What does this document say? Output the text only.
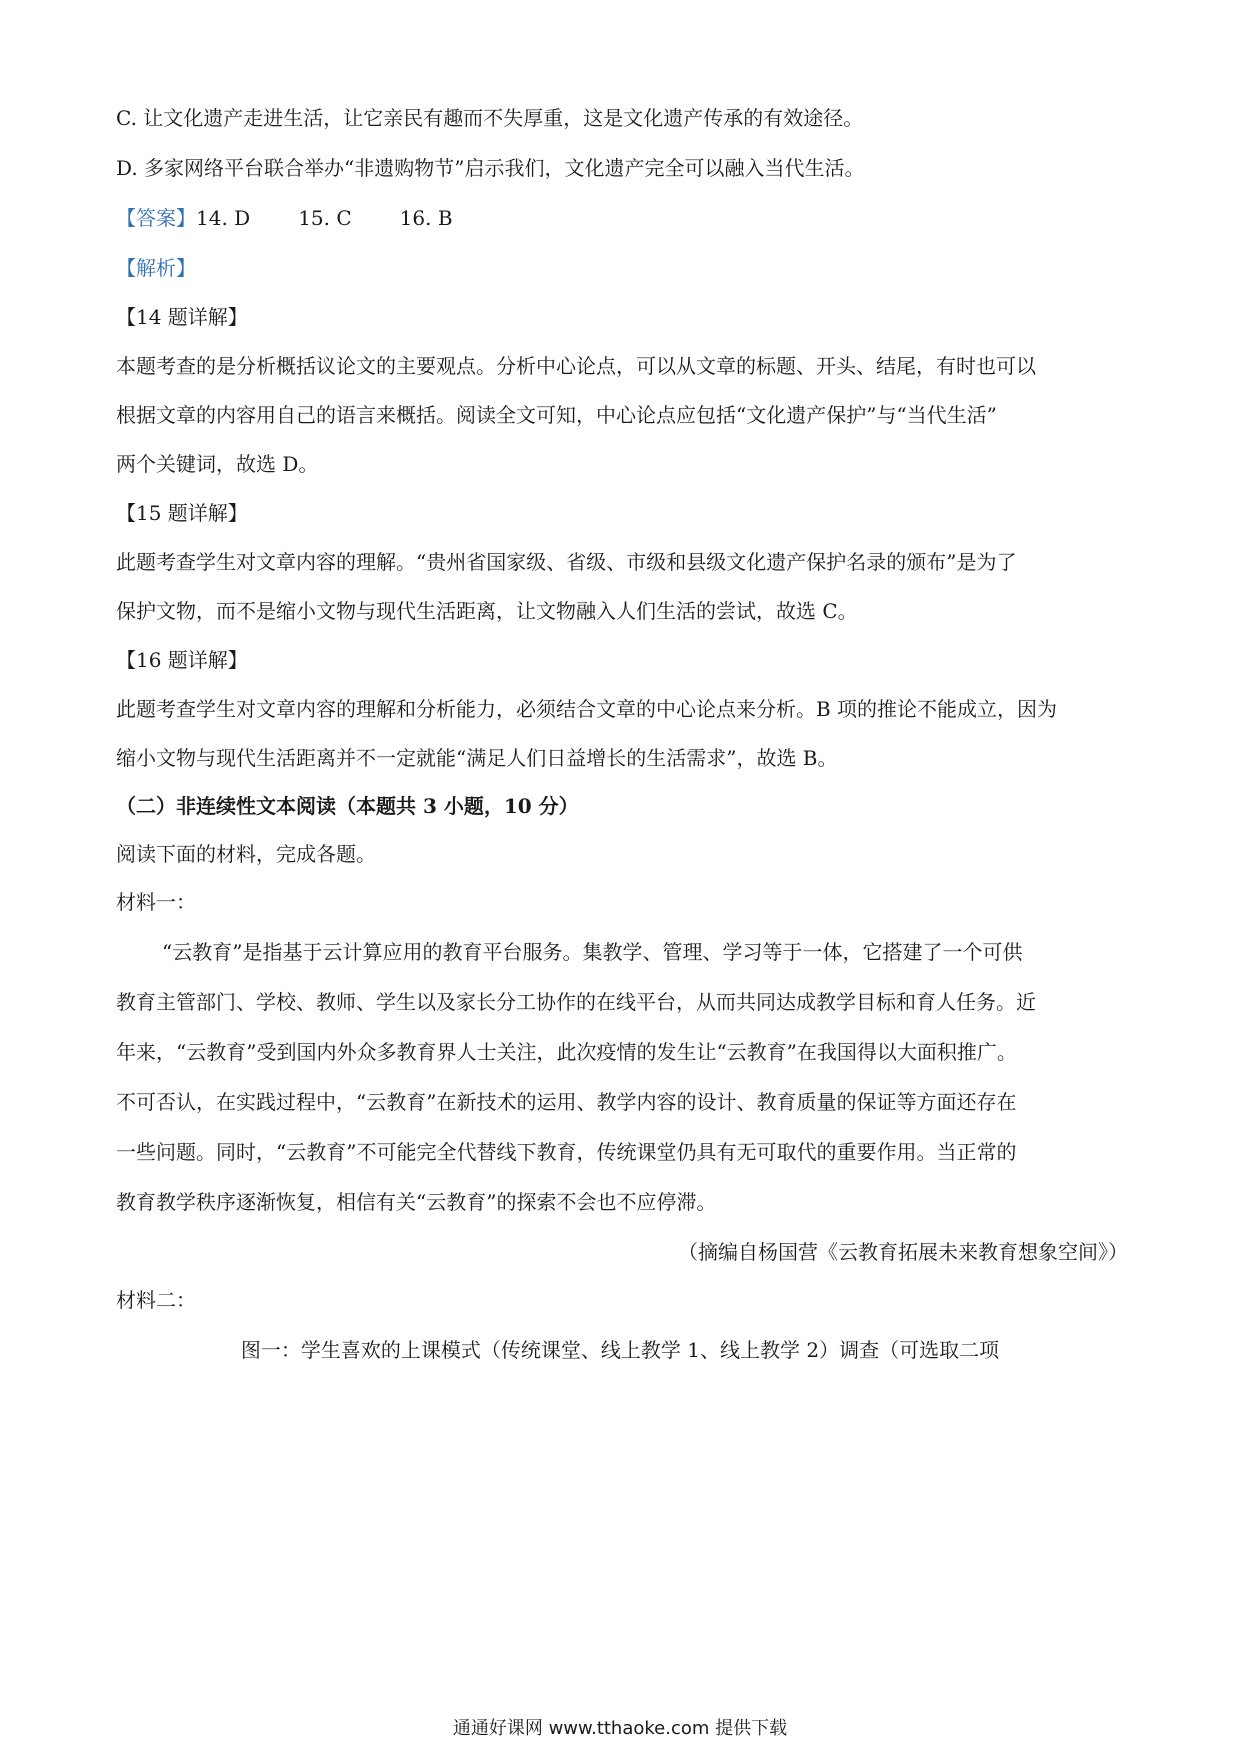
C. 让文化遗产走进生活，让它亲民有趣而不失厚重，这是文化遗产传承的有效途径。
D. 多家网络平台联合举办“非遗购物节”启示我们，文化遗产完全可以融入当代生活。
【答案】14. D 15. C 16. B
【解析】
【14 题详解】
本题考查的是分析概括议论文的主要观点。分析中心论点，可以从文章的标题、开头、结尾，有时也可以
根据文章的内容用自己的语言来概括。阅读全文可知，中心论点应包括“文化遗产保护”与“当代生活”
两个关键词，故选 D。
【15 题详解】
此题考查学生对文章内容的理解。“贵州省国家级、省级、市级和县级文化遗产保护名录的颁布”是为了
保护文物，而不是缩小文物与现代生活距离，让文物融入人们生活的尝试，故选 C。
【16 题详解】
此题考查学生对文章内容的理解和分析能力，必须结合文章的中心论点来分析。B 项的推论不能成立，因为
缩小文物与现代生活距离并不一定就能“满足人们日益增长的生活需求”，故选 B。
（二）非连续性文本阅读（本题共 3 小题，10 分）
阅读下面的材料，完成各题。
材料一：
“云教育”是指基于云计算应用的教育平台服务。集教学、管理、学习等于一体，它搭建了一个可供
教育主管部门、学校、教师、学生以及家长分工协作的在线平台，从而共同达成教学目标和育人任务。近
年来，“云教育”受到国内外众多教育界人士关注，此次疫情的发生让“云教育”在我国得以大面积推广。
不可否认，在实践过程中，“云教育”在新技术的运用、教学内容的设计、教育质量的保证等方面还存在
一些问题。同时，“云教育”不可能完全代替线下教育，传统课堂仍具有无可取代的重要作用。当正常的
教育教学秩序逐渐恢复，相信有关“云教育”的探索不会也不应停滞。
（摘编自杨国营《云教育拓展未来教育想象空间》）
材料二：
图一：学生喜欢的上课模式（传统课堂、线上教学 1、线上教学 2）调查（可选取二项
通通好课网 www.tthaoke.com 提供下载
